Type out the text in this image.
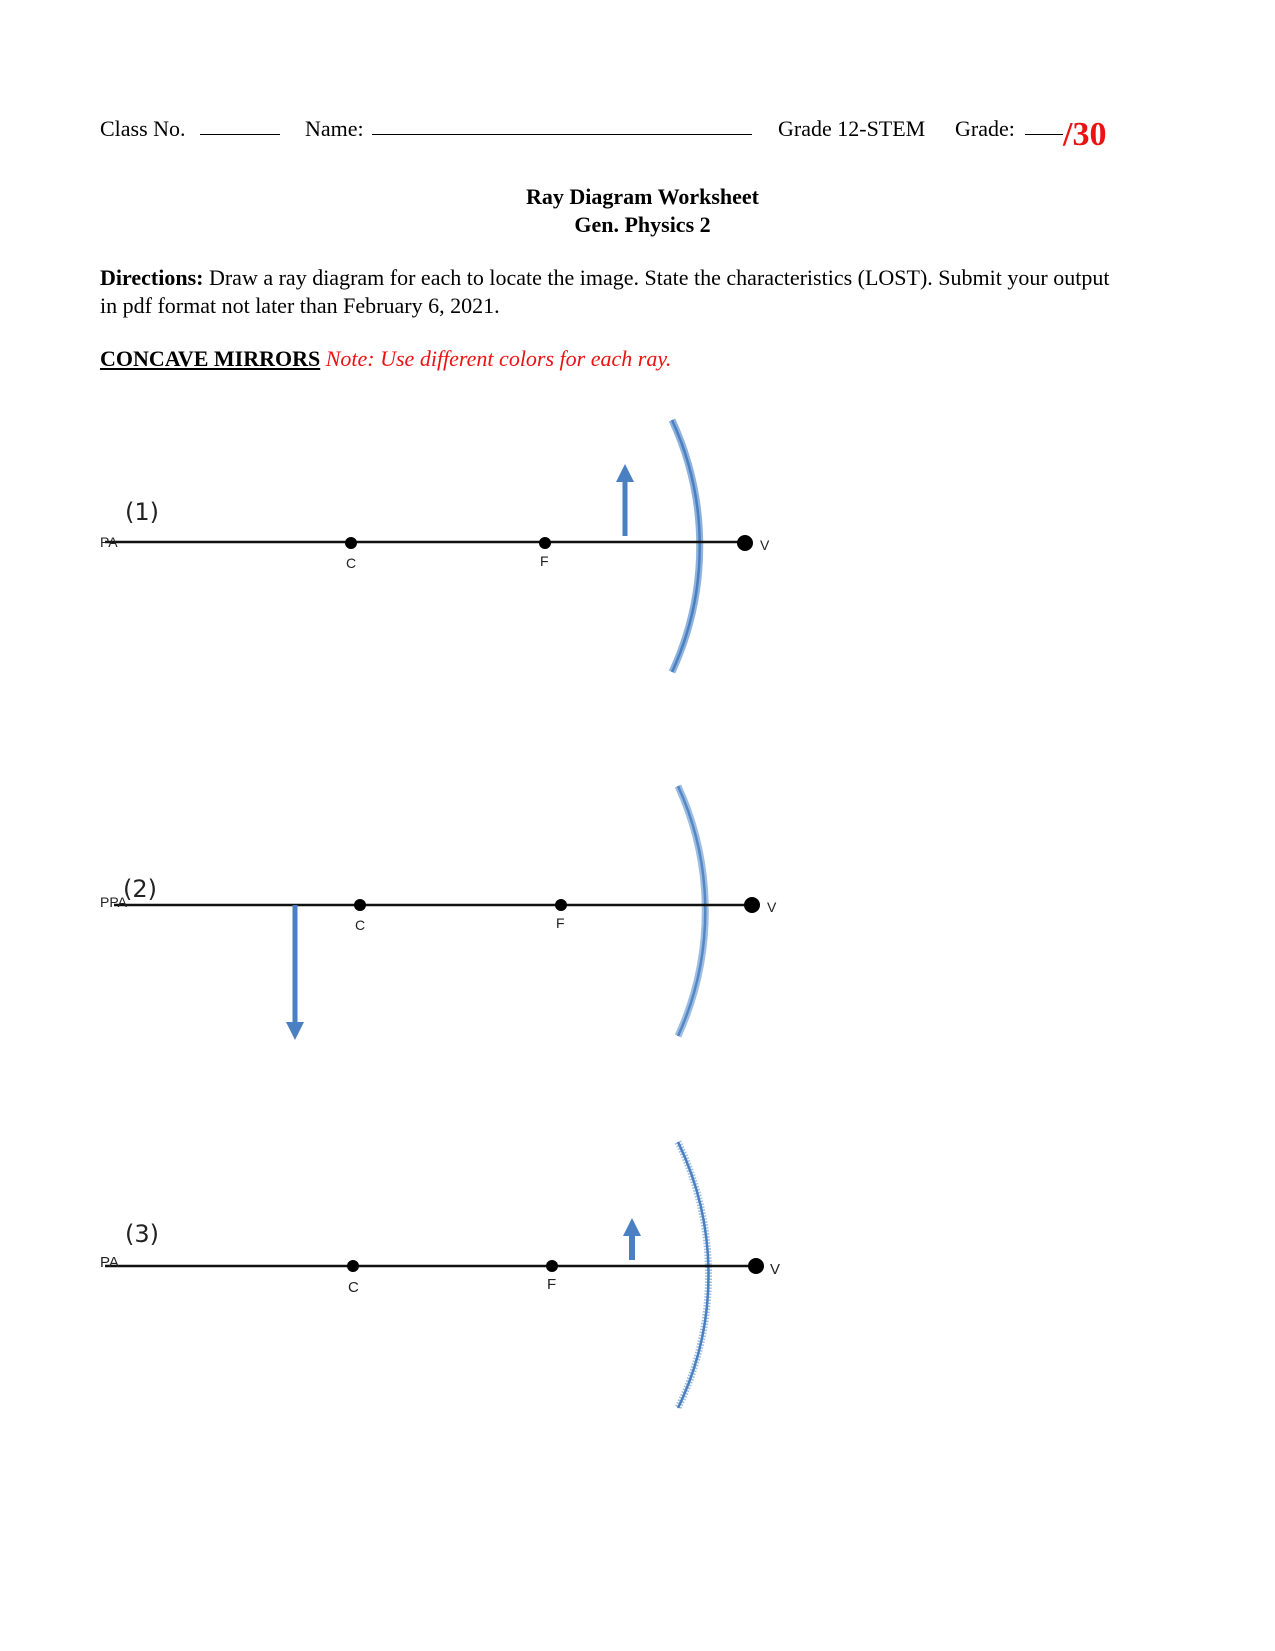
Class No.	Name:	Grade 12-STEM Grade: /30
Ray Diagram Worksheet
Gen. Physics 2
Directions: Draw a ray diagram for each to locate the image. State the characteristics (LOST). Submit your output in pdf format not later than February 6, 2021.
CONCAVE MIRRORS Note: Use different colors for each ray.
(1)
PA
C	F
V
(2)
PPA
C	F
V
(3)
PA
C	F
V
